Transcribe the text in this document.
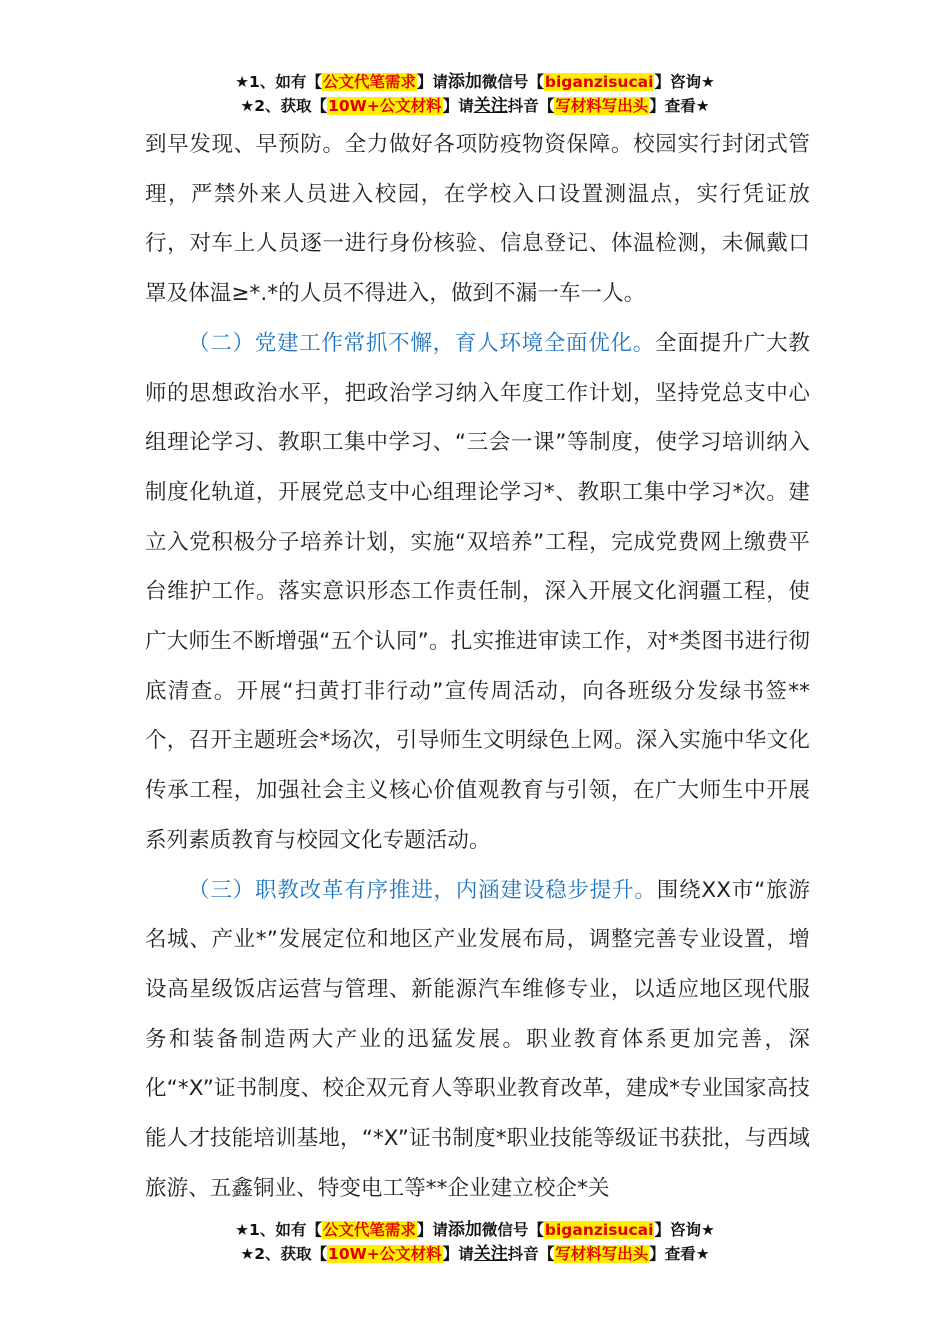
★1、如有【公文代笔需求】请添加微信号【biganzisucai】咨询★
★2、获取【10W+公文材料】请关注抖音【写材料写出头】查看★

到早发现、早预防。全力做好各项防疫物资保障。校园实行封闭式管理，严禁外来人员进入校园，在学校入口设置测温点，实行凭证放行，对车上人员逐一进行身份核验、信息登记、体温检测，未佩戴口罩及体温≥*.*的人员不得进入，做到不漏一车一人。

（二）党建工作常抓不懈，育人环境全面优化。全面提升广大教师的思想政治水平，把政治学习纳入年度工作计划，坚持党总支中心组理论学习、教职工集中学习、“三会一课”等制度，使学习培训纳入制度化轨道，开展党总支中心组理论学习*、教职工集中学习*次。建立入党积极分子培养计划，实施“双培养”工程，完成党费网上缴费平台维护工作。落实意识形态工作责任制，深入开展文化润疆工程，使广大师生不断增强“五个认同”。扎实推进审读工作，对*类图书进行彻底清查。开展“扫黄打非行动”宣传周活动，向各班级分发绿书签**个，召开主题班会*场次，引导师生文明绿色上网。深入实施中华文化传承工程，加强社会主义核心价值观教育与引领，在广大师生中开展系列素质教育与校园文化专题活动。

（三）职教改革有序推进，内涵建设稳步提升。围绕XX市“旅游名城、产业*”发展定位和地区产业发展布局，调整完善专业设置，增设高星级饭店运营与管理、新能源汽车维修专业，以适应地区现代服务和装备制造两大产业的迅猛发展。职业教育体系更加完善，深化“*X”证书制度、校企双元育人等职业教育改革，建成*专业国家高技能人才技能培训基地，“*X”证书制度*职业技能等级证书获批，与西域旅游、五鑫铜业、特变电工等**企业建立校企*关

★1、如有【公文代笔需求】请添加微信号【biganzisucai】咨询★
★2、获取【10W+公文材料】请关注抖音【写材料写出头】查看★
